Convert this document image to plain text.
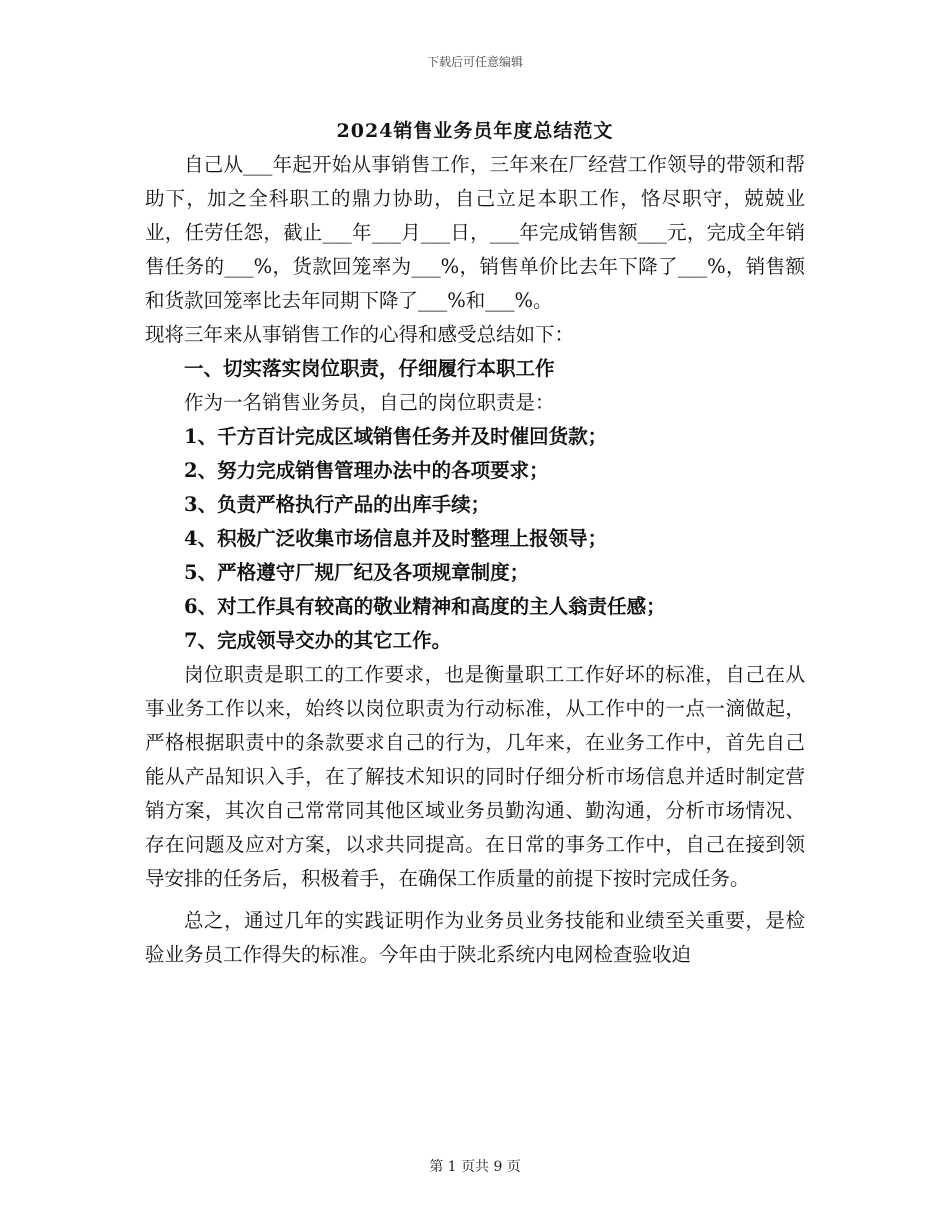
下载后可任意编辑
2024销售业务员年度总结范文

自己从___年起开始从事销售工作，三年来在厂经营工作领导的带领和帮助下，加之全科职工的鼎力协助，自己立足本职工作，恪尽职守，兢兢业业，任劳任怨，截止___年___月___日，___年完成销售额___元，完成全年销售任务的___%，货款回笼率为___%，销售单价比去年下降了___%，销售额和货款回笼率比去年同期下降了___%和___%。

现将三年来从事销售工作的心得和感受总结如下：

一、切实落实岗位职责，仔细履行本职工作

作为一名销售业务员，自己的岗位职责是：

1、千方百计完成区域销售任务并及时催回货款；

2、努力完成销售管理办法中的各项要求；

3、负责严格执行产品的出库手续；

4、积极广泛收集市场信息并及时整理上报领导；

5、严格遵守厂规厂纪及各项规章制度；

6、对工作具有较高的敬业精神和高度的主人翁责任感；

7、完成领导交办的其它工作。

岗位职责是职工的工作要求，也是衡量职工工作好坏的标准，自己在从事业务工作以来，始终以岗位职责为行动标准，从工作中的一点一滴做起，严格根据职责中的条款要求自己的行为，几年来，在业务工作中，首先自己能从产品知识入手，在了解技术知识的同时仔细分析市场信息并适时制定营销方案，其次自己常常同其他区域业务员勤沟通、勤沟通，分析市场情况、存在问题及应对方案，以求共同提高。在日常的事务工作中，自己在接到领导安排的任务后，积极着手，在确保工作质量的前提下按时完成任务。

总之，通过几年的实践证明作为业务员业务技能和业绩至关重要，是检验业务员工作得失的标准。今年由于陕北系统内电网检查验收迫

第 1 页共 9 页
